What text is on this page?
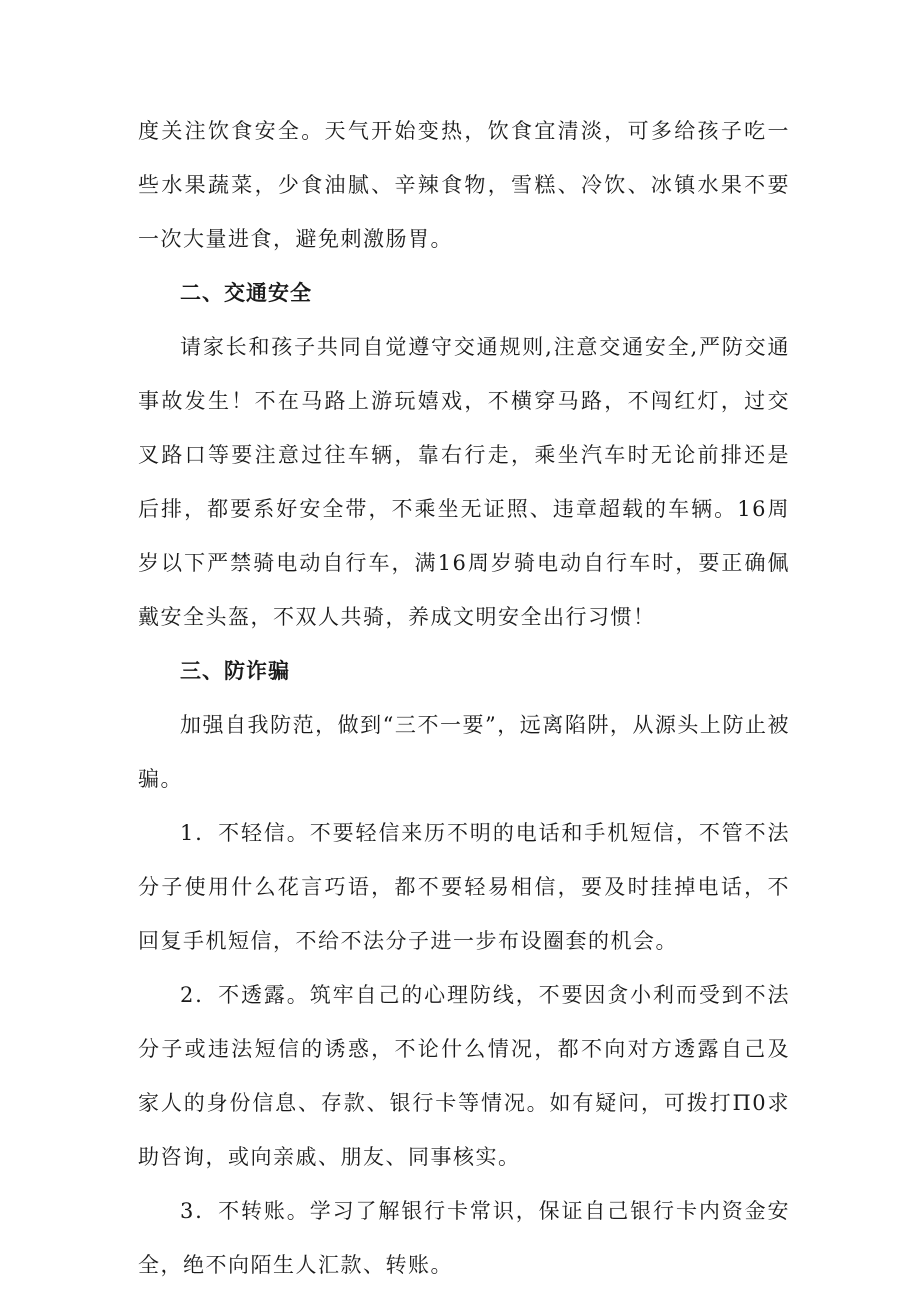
度关注饮食安全。天气开始变热，饮食宜清淡，可多给孩子吃一些水果蔬菜，少食油腻、辛辣食物，雪糕、冷饮、冰镇水果不要一次大量进食，避免刺激肠胃。

二、交通安全

请家长和孩子共同自觉遵守交通规则,注意交通安全,严防交通事故发生！不在马路上游玩嬉戏，不横穿马路，不闯红灯，过交叉路口等要注意过往车辆，靠右行走，乘坐汽车时无论前排还是后排，都要系好安全带，不乘坐无证照、违章超载的车辆。16周岁以下严禁骑电动自行车，满16周岁骑电动自行车时，要正确佩戴安全头盔，不双人共骑，养成文明安全出行习惯！

三、防诈骗

加强自我防范，做到“三不一要”，远离陷阱，从源头上防止被骗。

1．不轻信。不要轻信来历不明的电话和手机短信，不管不法分子使用什么花言巧语，都不要轻易相信，要及时挂掉电话，不回复手机短信，不给不法分子进一步布设圈套的机会。

2．不透露。筑牢自己的心理防线，不要因贪小利而受到不法分子或违法短信的诱惑，不论什么情况，都不向对方透露自己及家人的身份信息、存款、银行卡等情况。如有疑问，可拨打Π0求助咨询，或向亲戚、朋友、同事核实。

3．不转账。学习了解银行卡常识，保证自己银行卡内资金安全，绝不向陌生人汇款、转账。
